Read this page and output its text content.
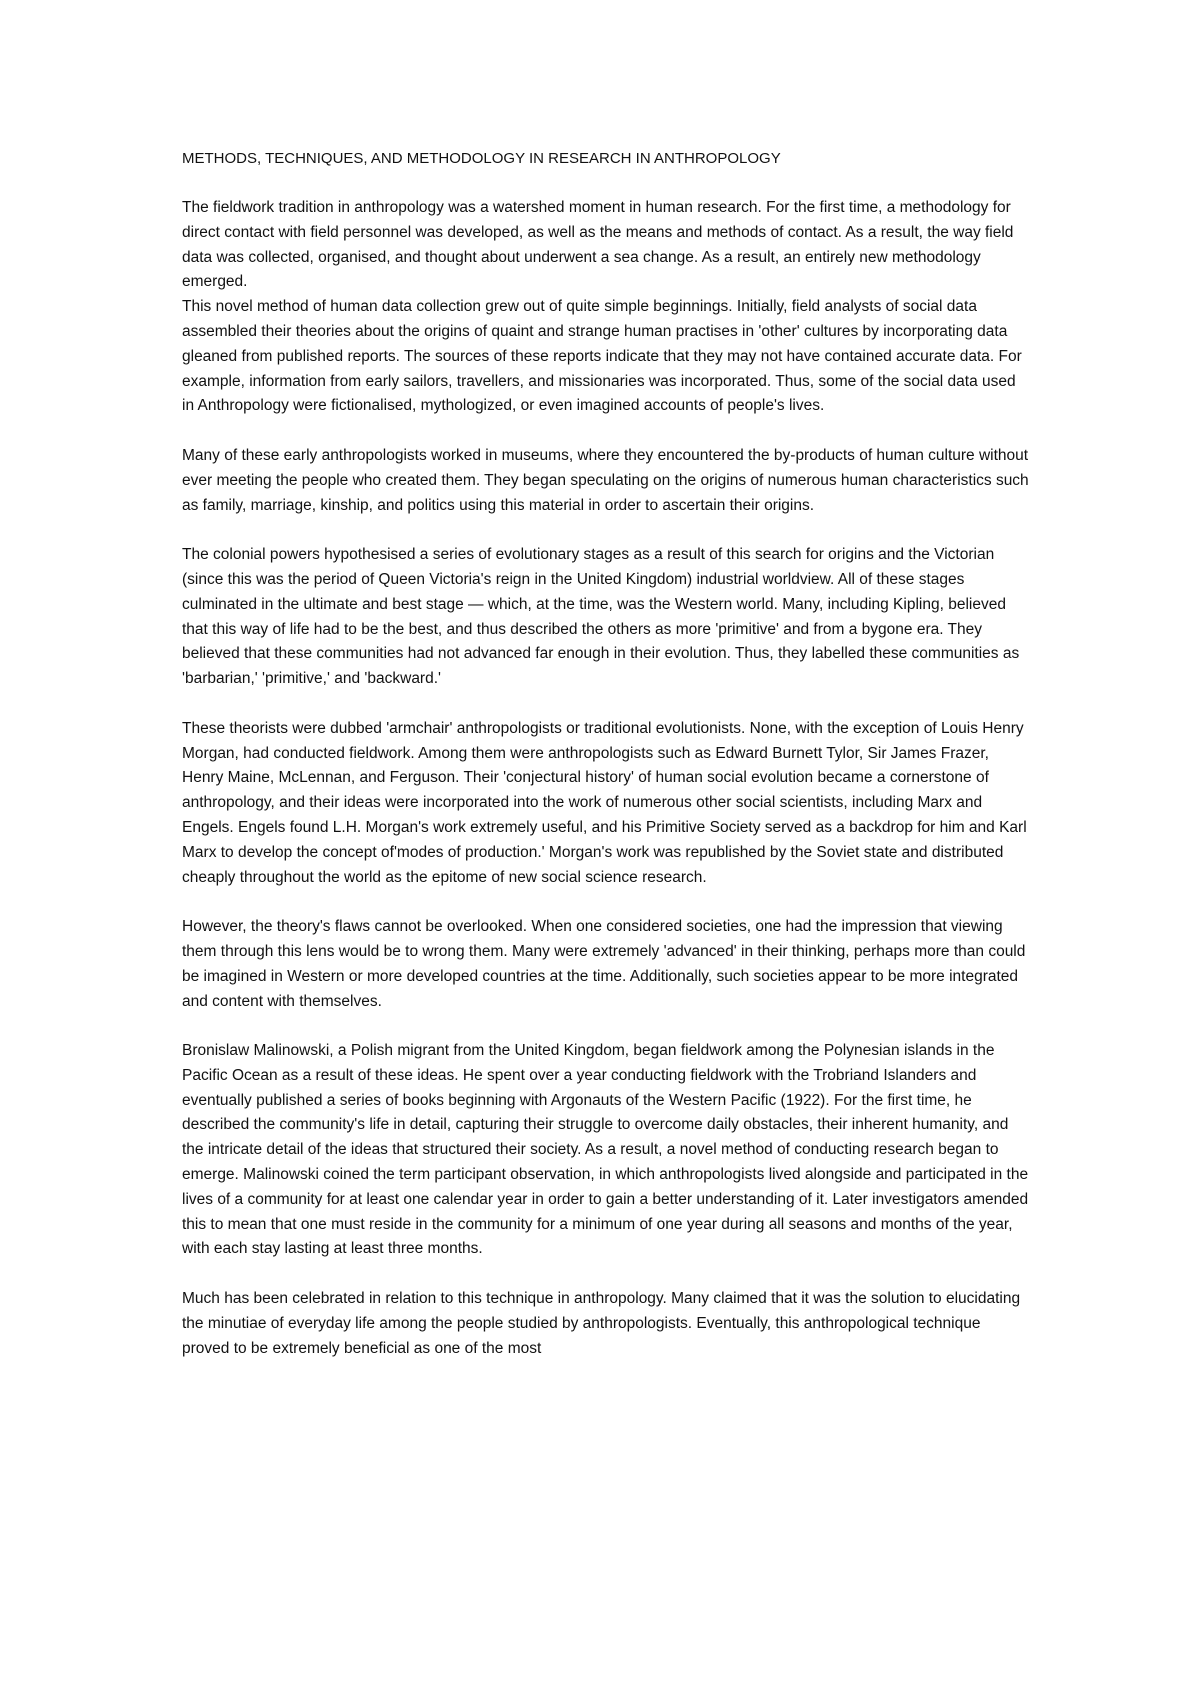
METHODS, TECHNIQUES, AND METHODOLOGY IN RESEARCH IN ANTHROPOLOGY

The fieldwork tradition in anthropology was a watershed moment in human research. For the first time, a methodology for direct contact with field personnel was developed, as well as the means and methods of contact. As a result, the way field data was collected, organised, and thought about underwent a sea change. As a result, an entirely new methodology emerged.

This novel method of human data collection grew out of quite simple beginnings. Initially, field analysts of social data assembled their theories about the origins of quaint and strange human practises in 'other' cultures by incorporating data gleaned from published reports. The sources of these reports indicate that they may not have contained accurate data. For example, information from early sailors, travellers, and missionaries was incorporated. Thus, some of the social data used in Anthropology were fictionalised, mythologized, or even imagined accounts of people's lives.

Many of these early anthropologists worked in museums, where they encountered the by-products of human culture without ever meeting the people who created them. They began speculating on the origins of numerous human characteristics such as family, marriage, kinship, and politics using this material in order to ascertain their origins.

The colonial powers hypothesised a series of evolutionary stages as a result of this search for origins and the Victorian (since this was the period of Queen Victoria's reign in the United Kingdom) industrial worldview. All of these stages culminated in the ultimate and best stage — which, at the time, was the Western world. Many, including Kipling, believed that this way of life had to be the best, and thus described the others as more 'primitive' and from a bygone era. They believed that these communities had not advanced far enough in their evolution. Thus, they labelled these communities as 'barbarian,' 'primitive,' and 'backward.'

These theorists were dubbed 'armchair' anthropologists or traditional evolutionists. None, with the exception of Louis Henry Morgan, had conducted fieldwork. Among them were anthropologists such as Edward Burnett Tylor, Sir James Frazer, Henry Maine, McLennan, and Ferguson. Their 'conjectural history' of human social evolution became a cornerstone of anthropology, and their ideas were incorporated into the work of numerous other social scientists, including Marx and Engels. Engels found L.H. Morgan's work extremely useful, and his Primitive Society served as a backdrop for him and Karl Marx to develop the concept of'modes of production.' Morgan's work was republished by the Soviet state and distributed cheaply throughout the world as the epitome of new social science research.

However, the theory's flaws cannot be overlooked. When one considered societies, one had the impression that viewing them through this lens would be to wrong them. Many were extremely 'advanced' in their thinking, perhaps more than could be imagined in Western or more developed countries at the time. Additionally, such societies appear to be more integrated and content with themselves.

Bronislaw Malinowski, a Polish migrant from the United Kingdom, began fieldwork among the Polynesian islands in the Pacific Ocean as a result of these ideas. He spent over a year conducting fieldwork with the Trobriand Islanders and eventually published a series of books beginning with Argonauts of the Western Pacific (1922). For the first time, he described the community's life in detail, capturing their struggle to overcome daily obstacles, their inherent humanity, and the intricate detail of the ideas that structured their society. As a result, a novel method of conducting research began to emerge. Malinowski coined the term participant observation, in which anthropologists lived alongside and participated in the lives of a community for at least one calendar year in order to gain a better understanding of it. Later investigators amended this to mean that one must reside in the community for a minimum of one year during all seasons and months of the year, with each stay lasting at least three months.

Much has been celebrated in relation to this technique in anthropology. Many claimed that it was the solution to elucidating the minutiae of everyday life among the people studied by anthropologists. Eventually, this anthropological technique proved to be extremely beneficial as one of the most
